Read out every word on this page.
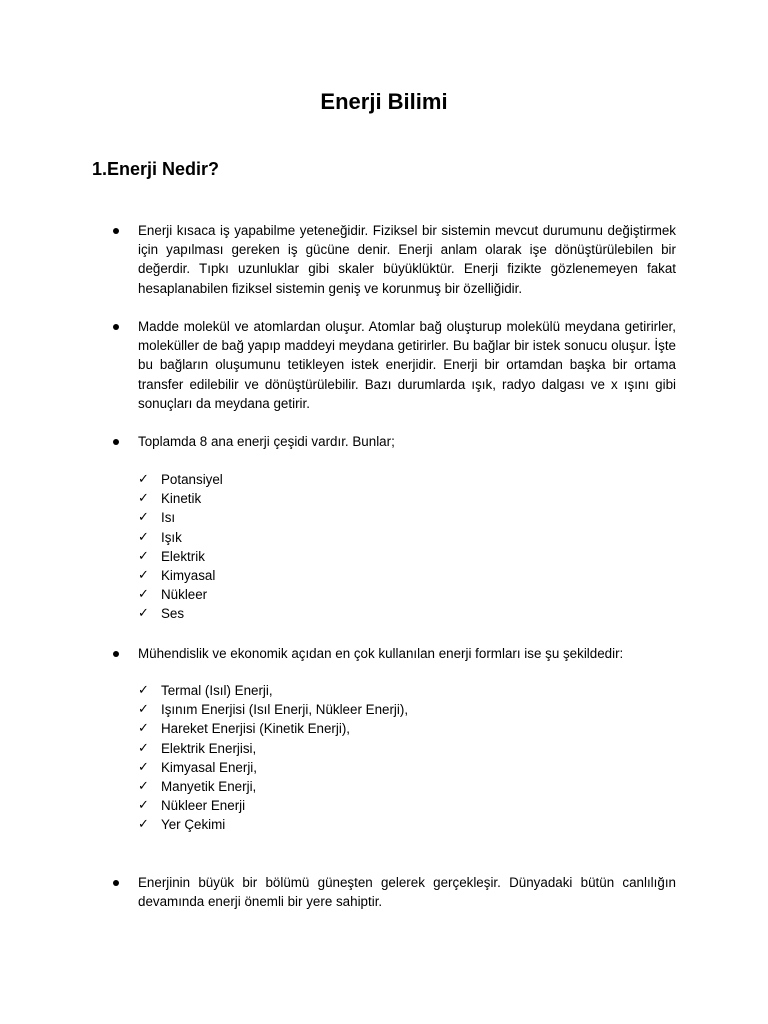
Enerji Bilimi
1.Enerji Nedir?
Enerji kısaca iş yapabilme yeteneğidir. Fiziksel bir sistemin mevcut durumunu değiştirmek için yapılması gereken iş gücüne denir. Enerji anlam olarak işe dönüştürülebilen bir değerdir. Tıpkı uzunluklar gibi skaler büyüklüktür. Enerji fizikte gözlenemeyen fakat hesaplanabilen fiziksel sistemin geniş ve korunmuş bir özelliğidir.
Madde molekül ve atomlardan oluşur. Atomlar bağ oluşturup molekülü meydana getirirler, moleküller de bağ yapıp maddeyi meydana getirirler. Bu bağlar bir istek sonucu oluşur. İşte bu bağların oluşumunu tetikleyen istek enerjidir. Enerji bir ortamdan başka bir ortama transfer edilebilir ve dönüştürülebilir. Bazı durumlarda ışık, radyo dalgası ve x ışını gibi sonuçları da meydana getirir.
Toplamda 8 ana enerji çeşidi vardır. Bunlar;
✓ Potansiyel
✓ Kinetik
✓ Isı
✓ Işık
✓ Elektrik
✓ Kimyasal
✓ Nükleer
✓ Ses
Mühendislik ve ekonomik açıdan en çok kullanılan enerji formları ise şu şekildedir:
✓ Termal (Isıl) Enerji,
✓ Işınım Enerjisi (Isıl Enerji, Nükleer Enerji),
✓ Hareket Enerjisi (Kinetik Enerji),
✓ Elektrik Enerjisi,
✓ Kimyasal Enerji,
✓ Manyetik Enerji,
✓ Nükleer Enerji
✓ Yer Çekimi
Enerjinin büyük bir bölümü güneşten gelerek gerçekleşir. Dünyadaki bütün canlılığın devamında enerji önemli bir yere sahiptir.
